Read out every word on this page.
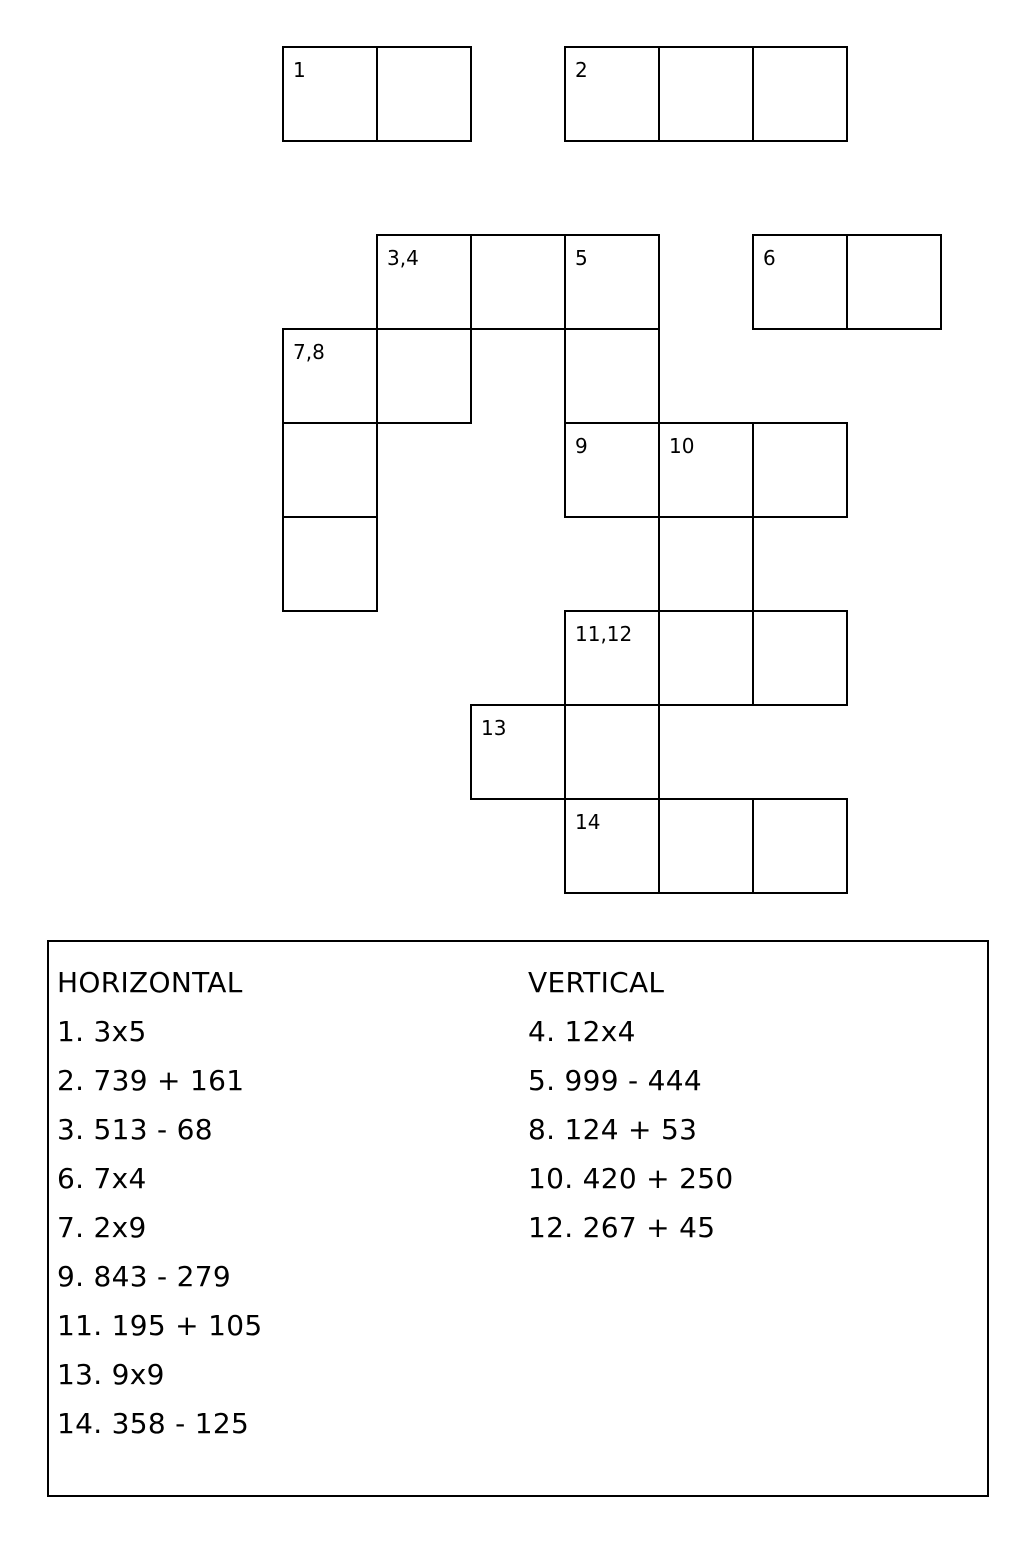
1	2
3,4	5	6
7,8
9	10
11,12
13
14
HORIZONTAL
1. 3x5
2. 739 + 161
3. 513 - 68
6. 7x4
7. 2x9
9. 843 - 279
11. 195 + 105
13. 9x9
14. 358 - 125
VERTICAL
4. 12x4
5. 999 - 444
8. 124 + 53
10. 420 + 250
12. 267 + 45
